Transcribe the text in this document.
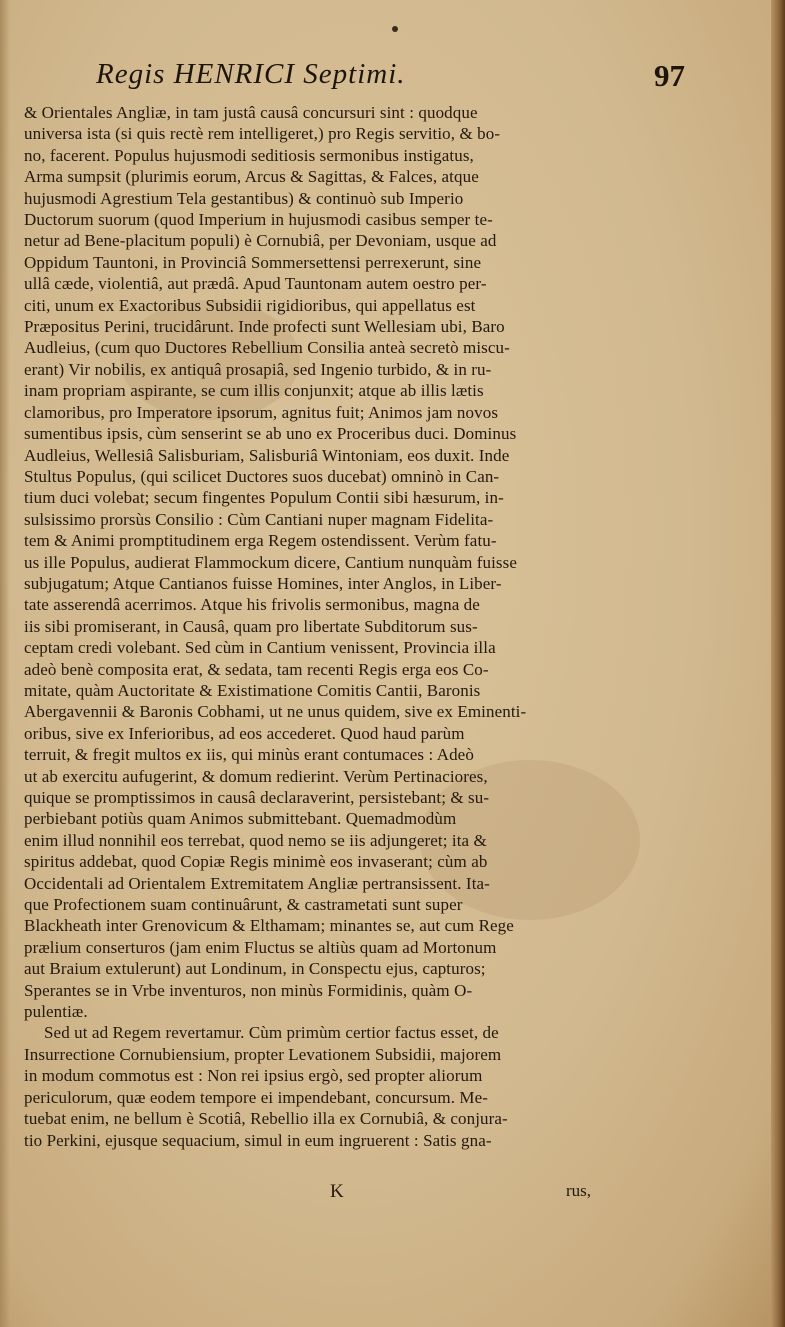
Regis HENRICI Septimi.	97
& Orientales Angliæ, in tam justâ causâ concursuri sint : quodque
universa ista (si quis rectè rem intelligeret,) pro Regis servitio, & bo-
no, facerent. Populus hujusmodi seditiosis sermonibus instigatus,
Arma sumpsit (plurimis eorum, Arcus & Sagittas, & Falces, atque
hujusmodi Agrestium Tela gestantibus) & continuò sub Imperio
Ductorum suorum (quod Imperium in hujusmodi casibus semper te-
netur ad Bene-placitum populi) è Cornubiâ, per Devoniam, usque ad
Oppidum Tauntoni, in Provinciâ Sommersettensi perrexerunt, sine
ullâ cæde, violentiâ, aut prædâ. Apud Tauntonam autem oestro per-
citi, unum ex Exactoribus Subsidii rigidioribus, qui appellatus est
Præpositus Perini, trucidârunt. Inde profecti sunt Wellesiam ubi, Baro
Audleius, (cum quo Ductores Rebellium Consilia anteà secretò miscu-
erant) Vir nobilis, ex antiquâ prosapiâ, sed Ingenio turbido, & in ru-
inam propriam aspirante, se cum illis conjunxit; atque ab illis lætis
clamoribus, pro Imperatore ipsorum, agnitus fuit; Animos jam novos
sumentibus ipsis, cùm senserint se ab uno ex Proceribus duci. Dominus
Audleius, Wellesiâ Salisburiam, Salisburiâ Wintoniam, eos duxit. Inde
Stultus Populus, (qui scilicet Ductores suos ducebat) omninò in Can-
tium duci volebat; secum fingentes Populum Contii sibi hæsurum, in-
sulsissimo prorsùs Consilio : Cùm Cantiani nuper magnam Fidelita-
tem & Animi promptitudinem erga Regem ostendissent. Verùm fatu-
us ille Populus, audierat Flammockum dicere, Cantium nunquàm fuisse
subjugatum; Atque Cantianos fuisse Homines, inter Anglos, in Liber-
tate asserendâ acerrimos. Atque his frivolis sermonibus, magna de
iis sibi promiserant, in Causâ, quam pro libertate Subditorum sus-
ceptam credi volebant. Sed cùm in Cantium venissent, Provincia illa
adeò benè composita erat, & sedata, tam recenti Regis erga eos Co-
mitate, quàm Auctoritate & Existimatione Comitis Cantii, Baronis
Abergavennii & Baronis Cobhami, ut ne unus quidem, sive ex Eminenti-
oribus, sive ex Inferioribus, ad eos accederet. Quod haud parùm
terruit, & fregit multos ex iis, qui minùs erant contumaces : Adeò
ut ab exercitu aufugerint, & domum redierint. Verùm Pertinaciores,
quique se promptissimos in causâ declaraverint, persistebant; & su-
perbiebant potiùs quam Animos submittebant. Quemadmodùm
enim illud nonnihil eos terrebat, quod nemo se iis adjungeret; ita &
spiritus addebat, quod Copiæ Regis minimè eos invaserant; cùm ab
Occidentali ad Orientalem Extremitatem Angliæ pertransissent. Ita-
que Profectionem suam continuârunt, & castrametati sunt super
Blackheath inter Grenovicum & Elthamam; minantes se, aut cum Rege
prælium conserturos (jam enim Fluctus se altiùs quam ad Mortonum
aut Braium extulerunt) aut Londinum, in Conspectu ejus, capturos;
Sperantes se in Vrbe inventuros, non minùs Formidinis, quàm O-
pulentiæ.
Sed ut ad Regem revertamur. Cùm primùm certior factus esset, de
Insurrectione Cornubiensium, propter Levationem Subsidii, majorem
in modum commotus est : Non rei ipsius ergò, sed propter aliorum
periculorum, quæ eodem tempore ei impendebant, concursum. Me-
tuebat enim, ne bellum è Scotiâ, Rebellio illa ex Cornubiâ, & conjura-
tio Perkini, ejusque sequacium, simul in eum ingruerent : Satis gna-
K	rus,
